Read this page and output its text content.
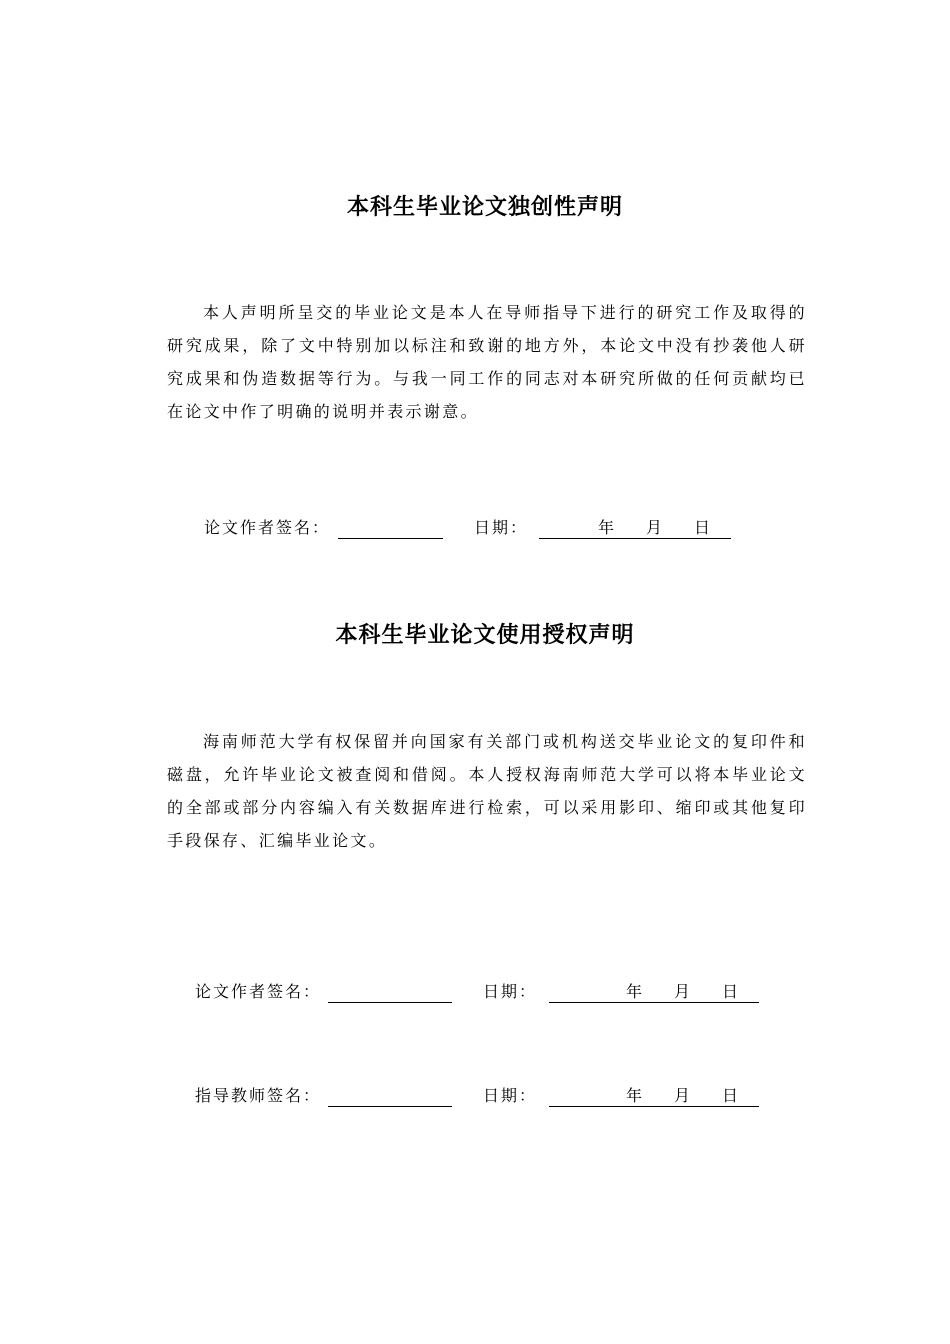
本科生毕业论文独创性声明
本人声明所呈交的毕业论文是本人在导师指导下进行的研究工作及取得的研究成果，除了文中特别加以标注和致谢的地方外，本论文中没有抄袭他人研究成果和伪造数据等行为。与我一同工作的同志对本研究所做的任何贡献均已在论文中作了明确的说明并表示谢意。
论文作者签名：	日期：	年 月 日
本科生毕业论文使用授权声明
海南师范大学有权保留并向国家有关部门或机构送交毕业论文的复印件和磁盘，允许毕业论文被查阅和借阅。本人授权海南师范大学可以将本毕业论文的全部或部分内容编入有关数据库进行检索，可以采用影印、缩印或其他复印手段保存、汇编毕业论文。
论文作者签名：	日期：	年 月 日
指导教师签名：	日期：	年 月 日
